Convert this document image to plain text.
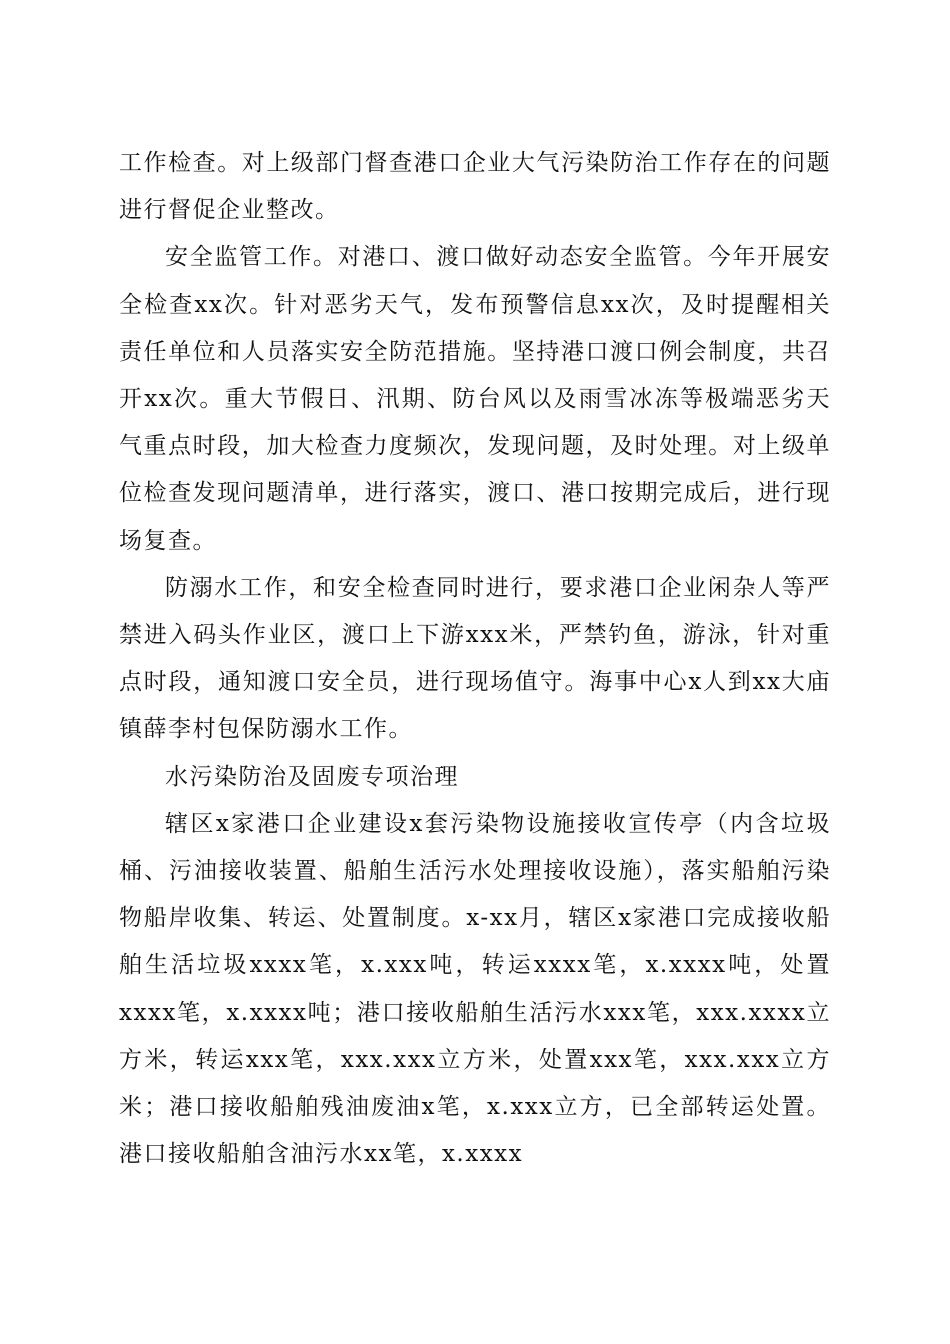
工作检查。对上级部门督查港口企业大气污染防治工作存在的问题进行督促企业整改。

安全监管工作。对港口、渡口做好动态安全监管。今年开展安全检查xx次。针对恶劣天气，发布预警信息xx次，及时提醒相关责任单位和人员落实安全防范措施。坚持港口渡口例会制度，共召开xx次。重大节假日、汛期、防台风以及雨雪冰冻等极端恶劣天气重点时段，加大检查力度频次，发现问题，及时处理。对上级单位检查发现问题清单，进行落实，渡口、港口按期完成后，进行现场复查。

防溺水工作，和安全检查同时进行，要求港口企业闲杂人等严禁进入码头作业区，渡口上下游xxx米，严禁钓鱼，游泳，针对重点时段，通知渡口安全员，进行现场值守。海事中心x人到xx大庙镇薛李村包保防溺水工作。

水污染防治及固废专项治理

辖区x家港口企业建设x套污染物设施接收宣传亭（内含垃圾桶、污油接收装置、船舶生活污水处理接收设施），落实船舶污染物船岸收集、转运、处置制度。x-xx月，辖区x家港口完成接收船舶生活垃圾xxxx笔，x.xxx吨，转运xxxx笔，x.xxxx吨，处置xxxx笔，x.xxxx吨；港口接收船舶生活污水xxx笔，xxx.xxxx立方米，转运xxx笔，xxx.xxx立方米，处置xxx笔，xxx.xxx立方米；港口接收船舶残油废油x笔，x.xxx立方，已全部转运处置。港口接收船舶含油污水xx笔，x.xxxx
